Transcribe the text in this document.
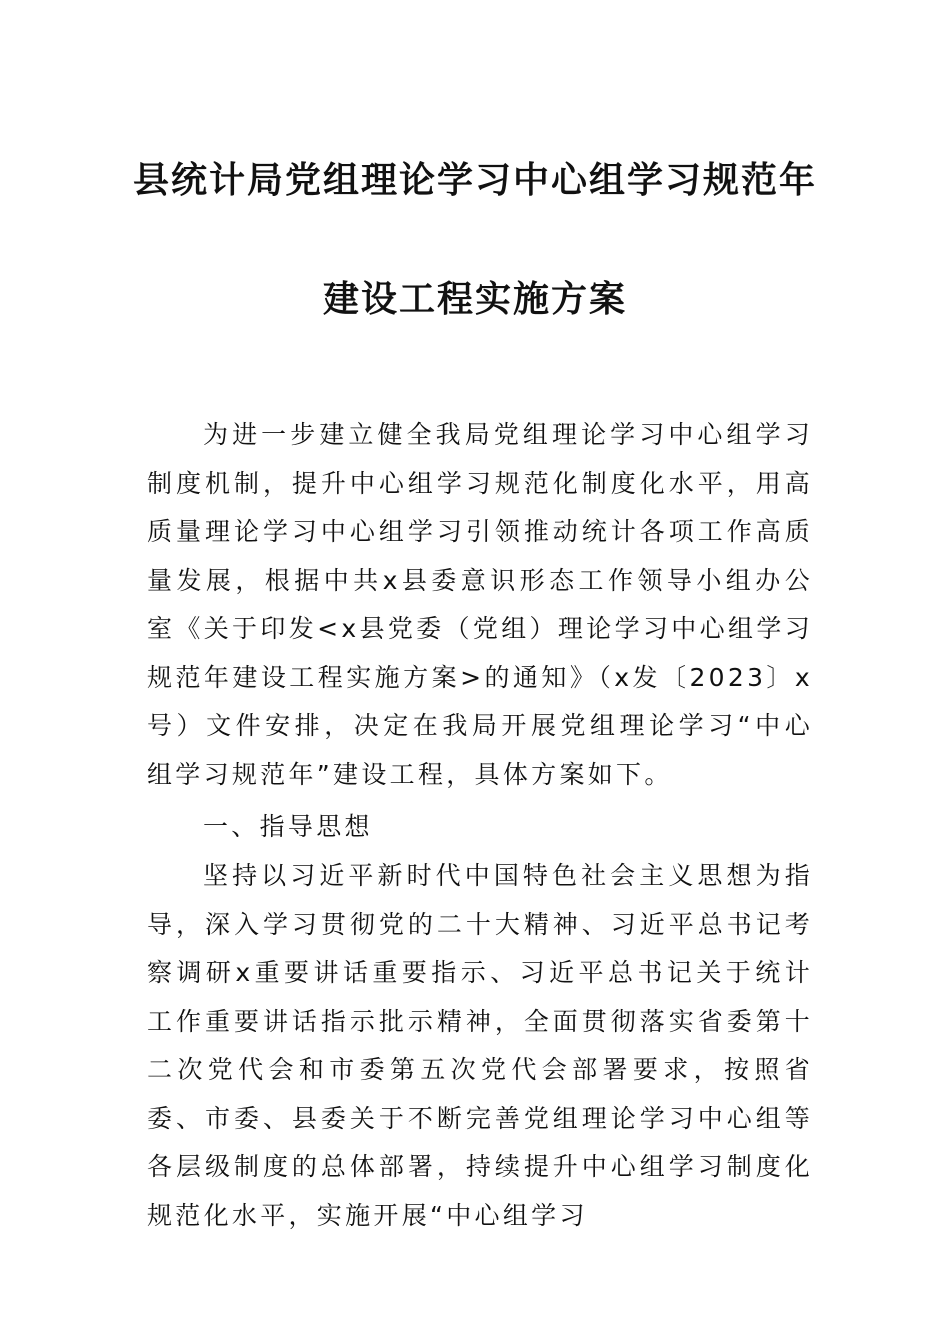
县统计局党组理论学习中心组学习规范年
建设工程实施方案

为进一步建立健全我局党组理论学习中心组学习制度机制，提升中心组学习规范化制度化水平，用高质量理论学习中心组学习引领推动统计各项工作高质量发展，根据中共x县委意识形态工作领导小组办公室《关于印发<x县党委（党组）理论学习中心组学习规范年建设工程实施方案>的通知》（x发〔2023〕x号）文件安排，决定在我局开展党组理论学习“中心组学习规范年”建设工程，具体方案如下。

一、指导思想

坚持以习近平新时代中国特色社会主义思想为指导，深入学习贯彻党的二十大精神、习近平总书记考察调研x重要讲话重要指示、习近平总书记关于统计工作重要讲话指示批示精神，全面贯彻落实省委第十二次党代会和市委第五次党代会部署要求，按照省委、市委、县委关于不断完善党组理论学习中心组等各层级制度的总体部署，持续提升中心组学习制度化规范化水平，实施开展“中心组学习
